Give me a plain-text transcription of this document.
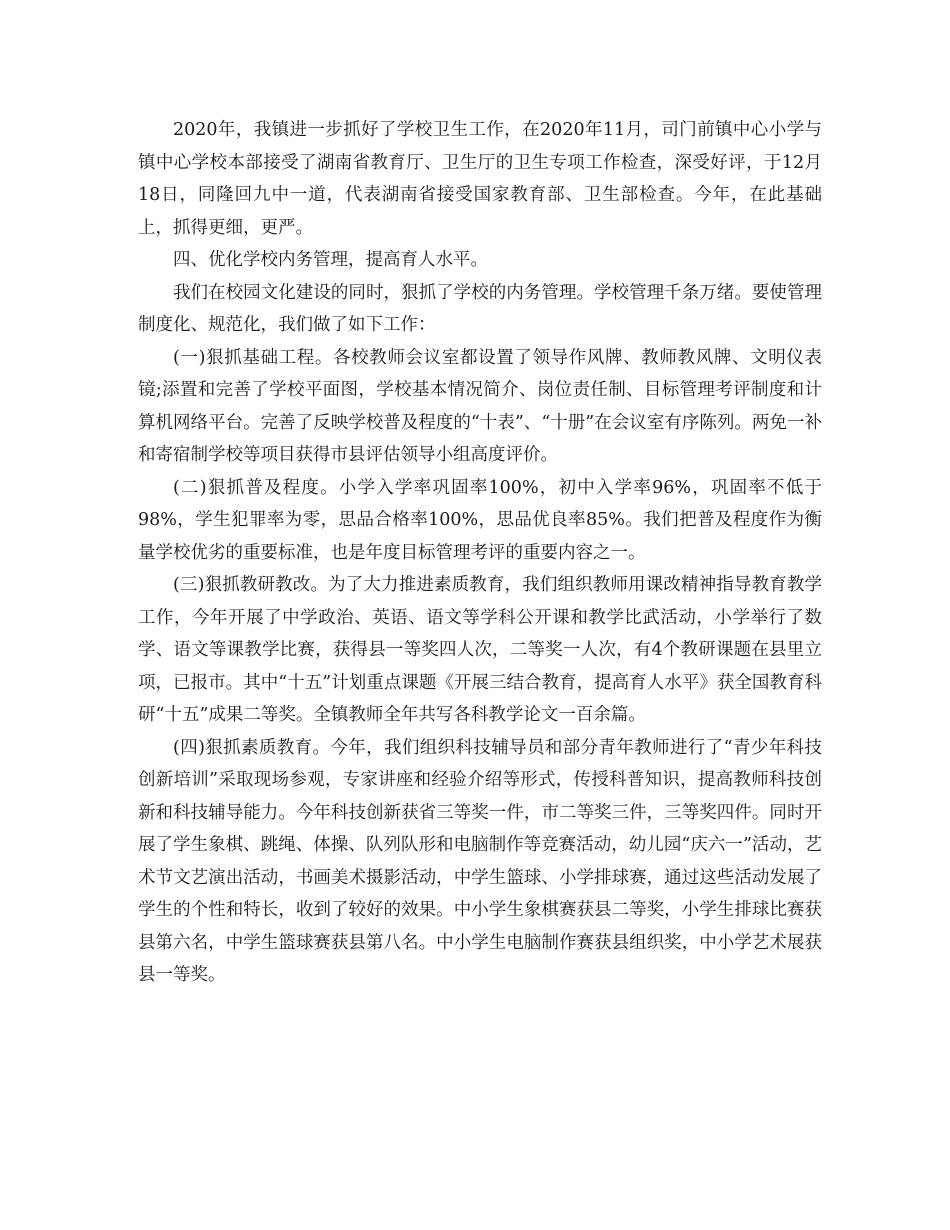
2020年，我镇进一步抓好了学校卫生工作，在2020年11月，司门前镇中心小学与镇中心学校本部接受了湖南省教育厅、卫生厅的卫生专项工作检查，深受好评，于12月18日，同隆回九中一道，代表湖南省接受国家教育部、卫生部检查。今年，在此基础上，抓得更细，更严。

四、优化学校内务管理，提高育人水平。

我们在校园文化建设的同时，狠抓了学校的内务管理。学校管理千条万绪。要使管理制度化、规范化，我们做了如下工作：

(一)狠抓基础工程。各校教师会议室都设置了领导作风牌、教师教风牌、文明仪表镜;添置和完善了学校平面图，学校基本情况简介、岗位责任制、目标管理考评制度和计算机网络平台。完善了反映学校普及程度的“十表”、“十册”在会议室有序陈列。两免一补和寄宿制学校等项目获得市县评估领导小组高度评价。

(二)狠抓普及程度。小学入学率巩固率100%，初中入学率96%，巩固率不低于98%，学生犯罪率为零，思品合格率100%，思品优良率85%。我们把普及程度作为衡量学校优劣的重要标准，也是年度目标管理考评的重要内容之一。

(三)狠抓教研教改。为了大力推进素质教育，我们组织教师用课改精神指导教育教学工作，今年开展了中学政治、英语、语文等学科公开课和教学比武活动，小学举行了数学、语文等课教学比赛，获得县一等奖四人次，二等奖一人次，有4个教研课题在县里立项，已报市。其中“十五”计划重点课题《开展三结合教育，提高育人水平》获全国教育科研“十五”成果二等奖。全镇教师全年共写各科教学论文一百余篇。

(四)狠抓素质教育。今年，我们组织科技辅导员和部分青年教师进行了“青少年科技创新培训”采取现场参观，专家讲座和经验介绍等形式，传授科普知识，提高教师科技创新和科技辅导能力。今年科技创新获省三等奖一件，市二等奖三件，三等奖四件。同时开展了学生象棋、跳绳、体操、队列队形和电脑制作等竞赛活动，幼儿园“庆六一”活动，艺术节文艺演出活动，书画美术摄影活动，中学生篮球、小学排球赛，通过这些活动发展了学生的个性和特长，收到了较好的效果。中小学生象棋赛获县二等奖，小学生排球比赛获县第六名，中学生篮球赛获县第八名。中小学生电脑制作赛获县组织奖，中小学艺术展获县一等奖。
